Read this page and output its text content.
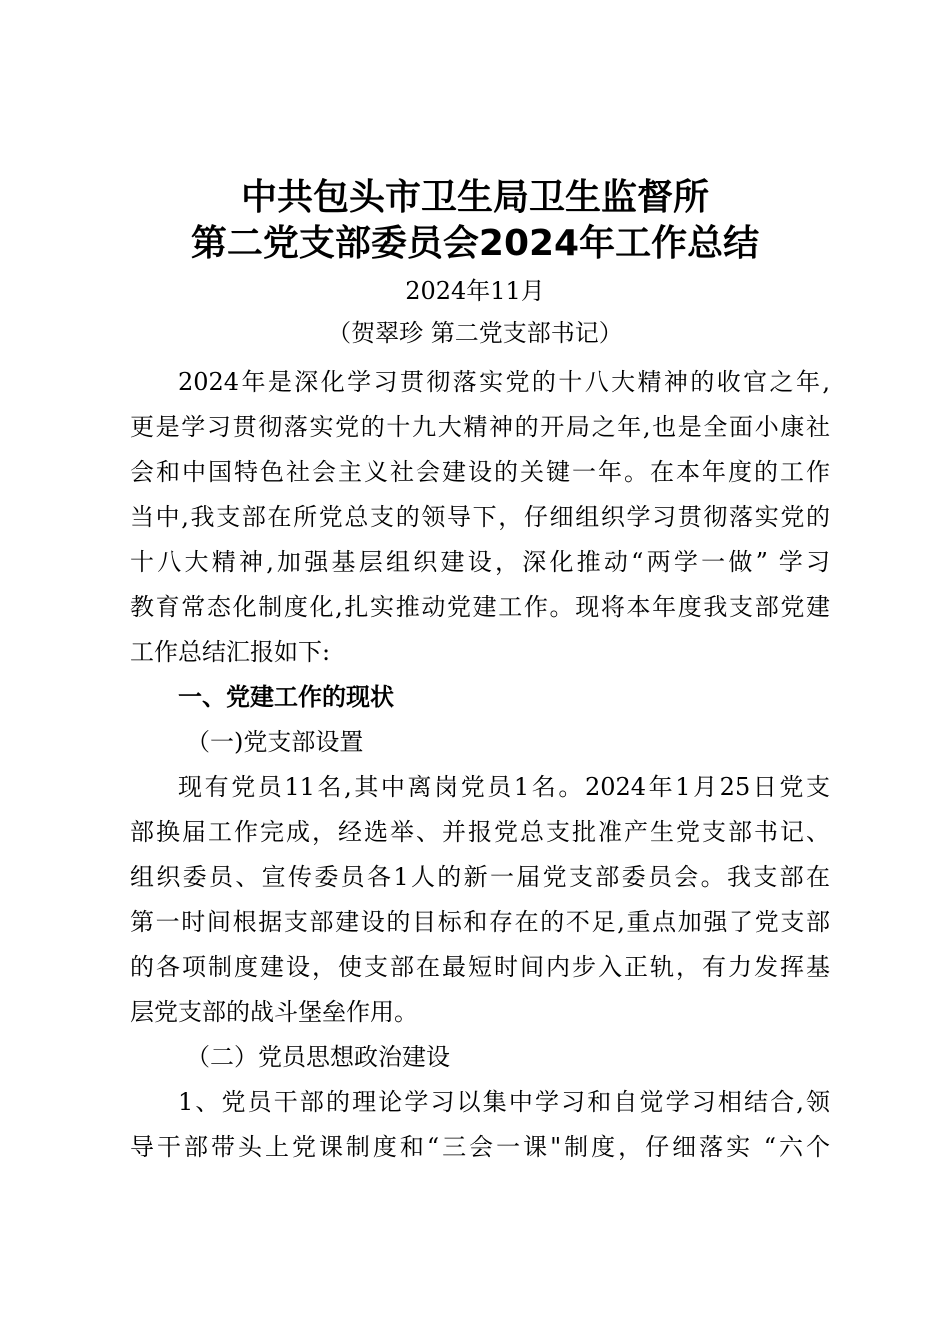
中共包头市卫生局卫生监督所
第二党支部委员会2024年工作总结
2024年11月
（贺翠珍 第二党支部书记）
2024年是深化学习贯彻落实党的十八大精神的收官之年,
更是学习贯彻落实党的十九大精神的开局之年,也是全面小康社
会和中国特色社会主义社会建设的关键一年。在本年度的工作
当中,我支部在所党总支的领导下，仔细组织学习贯彻落实党的
十八大精神,加强基层组织建设，深化推动“两学一做” 学习
教育常态化制度化,扎实推动党建工作。现将本年度我支部党建
工作总结汇报如下:
一、党建工作的现状
（一)党支部设置
现有党员11名,其中离岗党员1名。2024年1月25日党支
部换届工作完成，经选举、并报党总支批准产生党支部书记、
组织委员、宣传委员各1人的新一届党支部委员会。我支部在
第一时间根据支部建设的目标和存在的不足,重点加强了党支部
的各项制度建设，使支部在最短时间内步入正轨，有力发挥基
层党支部的战斗堡垒作用。
（二）党员思想政治建设
1、党员干部的理论学习以集中学习和自觉学习相结合,领
导干部带头上党课制度和“三会一课"制度，仔细落实 “六个
